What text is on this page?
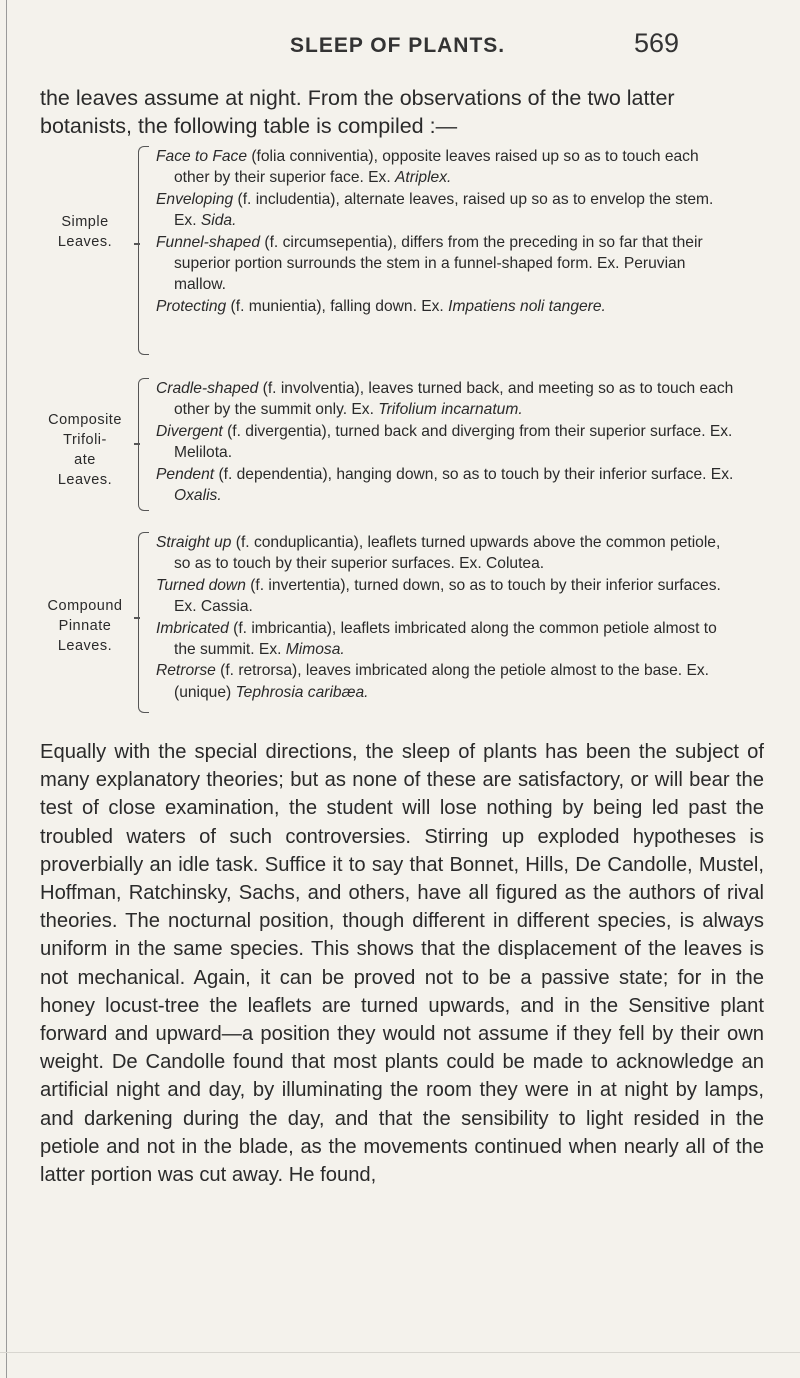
SLEEP OF PLANTS.	569

the leaves assume at night. From the observations of the two latter botanists, the following table is compiled :—

Simple
Leaves.

Face to Face (folia conniventia), opposite leaves raised up so as to touch each other by their superior face. Ex. Atriplex.

Enveloping (f. includentia), alternate leaves, raised up so as to envelop the stem. Ex. Sida.

Funnel-shaped (f. circumsepentia), differs from the preceding in so far that their superior portion surrounds the stem in a funnel-shaped form. Ex. Peruvian mallow.

Protecting (f. munientia), falling down. Ex. Impatiens noli tangere.

Composite
Trifoli-
ate
Leaves.

Cradle-shaped (f. involventia), leaves turned back, and meeting so as to touch each other by the summit only. Ex. Trifolium incarnatum.

Divergent (f. divergentia), turned back and diverging from their superior surface. Ex. Melilota.

Pendent (f. dependentia), hanging down, so as to touch by their inferior surface. Ex. Oxalis.

Compound
Pinnate
Leaves.

Straight up (f. conduplicantia), leaflets turned upwards above the common petiole, so as to touch by their superior surfaces. Ex. Colutea.

Turned down (f. invertentia), turned down, so as to touch by their inferior surfaces. Ex. Cassia.

Imbricated (f. imbricantia), leaflets imbricated along the common petiole almost to the summit. Ex. Mimosa.

Retrorse (f. retrorsa), leaves imbricated along the petiole almost to the base. Ex. (unique) Tephrosia caribæa.

Equally with the special directions, the sleep of plants has been the subject of many explanatory theories; but as none of these are satisfactory, or will bear the test of close examination, the student will lose nothing by being led past the troubled waters of such controversies. Stirring up exploded hypotheses is proverbially an idle task. Suffice it to say that Bonnet, Hills, De Candolle, Mustel, Hoffman, Ratchinsky, Sachs, and others, have all figured as the authors of rival theories. The nocturnal position, though different in different species, is always uniform in the same species. This shows that the displacement of the leaves is not mechanical. Again, it can be proved not to be a passive state; for in the honey locust-tree the leaflets are turned upwards, and in the Sensitive plant forward and upward—a position they would not assume if they fell by their own weight. De Candolle found that most plants could be made to acknowledge an artificial night and day, by illuminating the room they were in at night by lamps, and darkening during the day, and that the sensibility to light resided in the petiole and not in the blade, as the movements continued when nearly all of the latter portion was cut away. He found,
